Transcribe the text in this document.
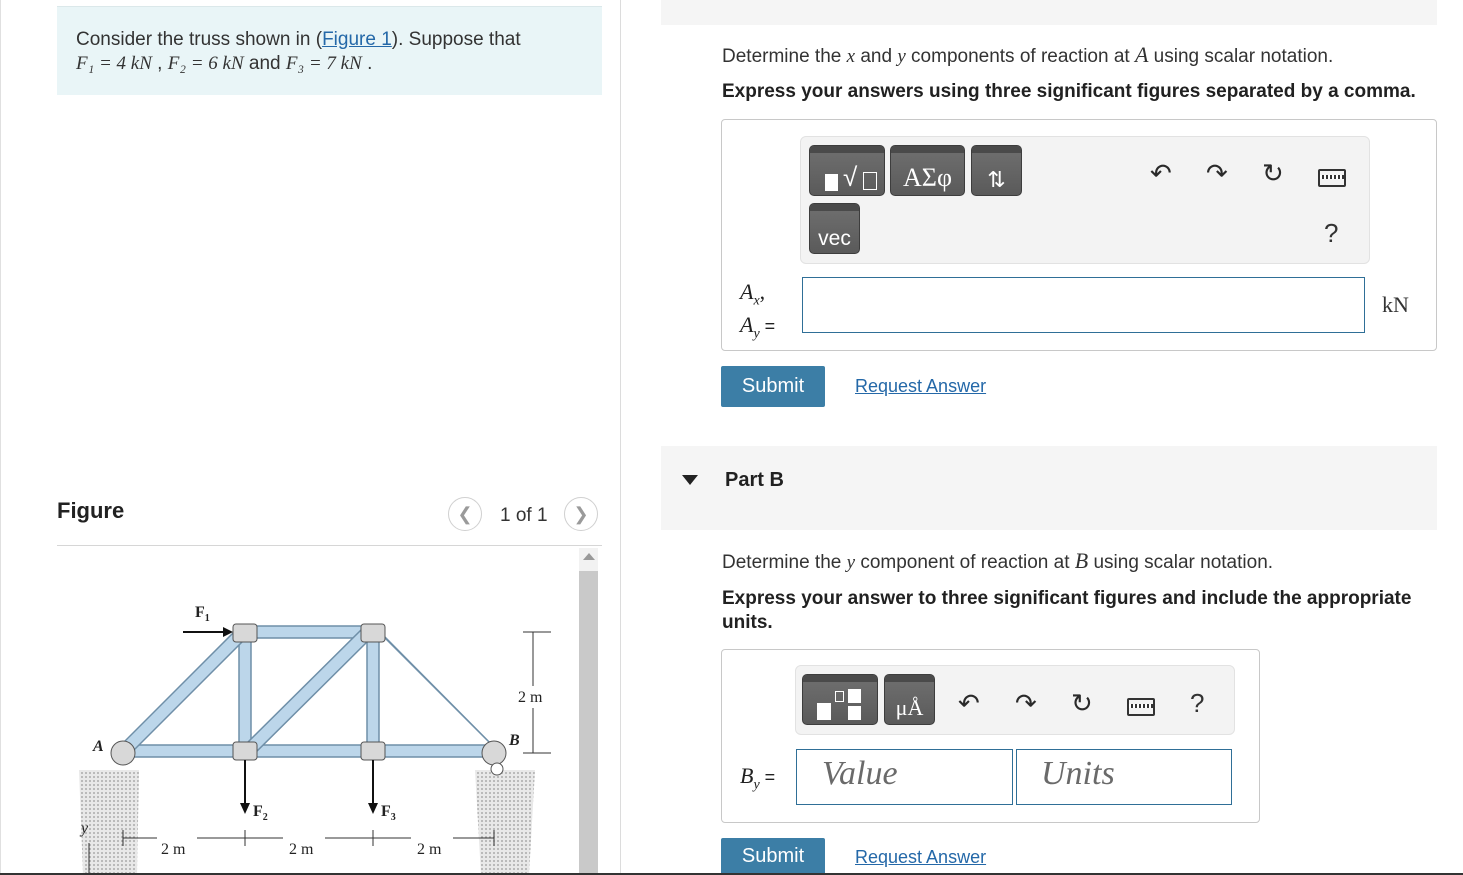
Consider the truss shown in (Figure 1). Suppose that
F₁ = 4 kN , F₂ = 6 kN and F₃ = 7 kN .
Figure	❮ 1 of 1 ❯
$F_1$
$F_2$	$F_3$
A	B
y
2 m
2 m	2 m	2 m
Determine the x and y components of reaction at A using scalar notation.
Express your answers using three significant figures separated by a comma.
√	ΑΣφ	⇅
vec
↶ ↷ ↻
?
$A_x$,
$A_y$ =
kN
Submit	Request Answer
Part B
Determine the y component of reaction at B using scalar notation.
Express your answer to three significant figures and include the appropriate units.
μÅ	↶ ↷ ↻	?
$B_y$ = Value	Units
Submit	Request Answer
